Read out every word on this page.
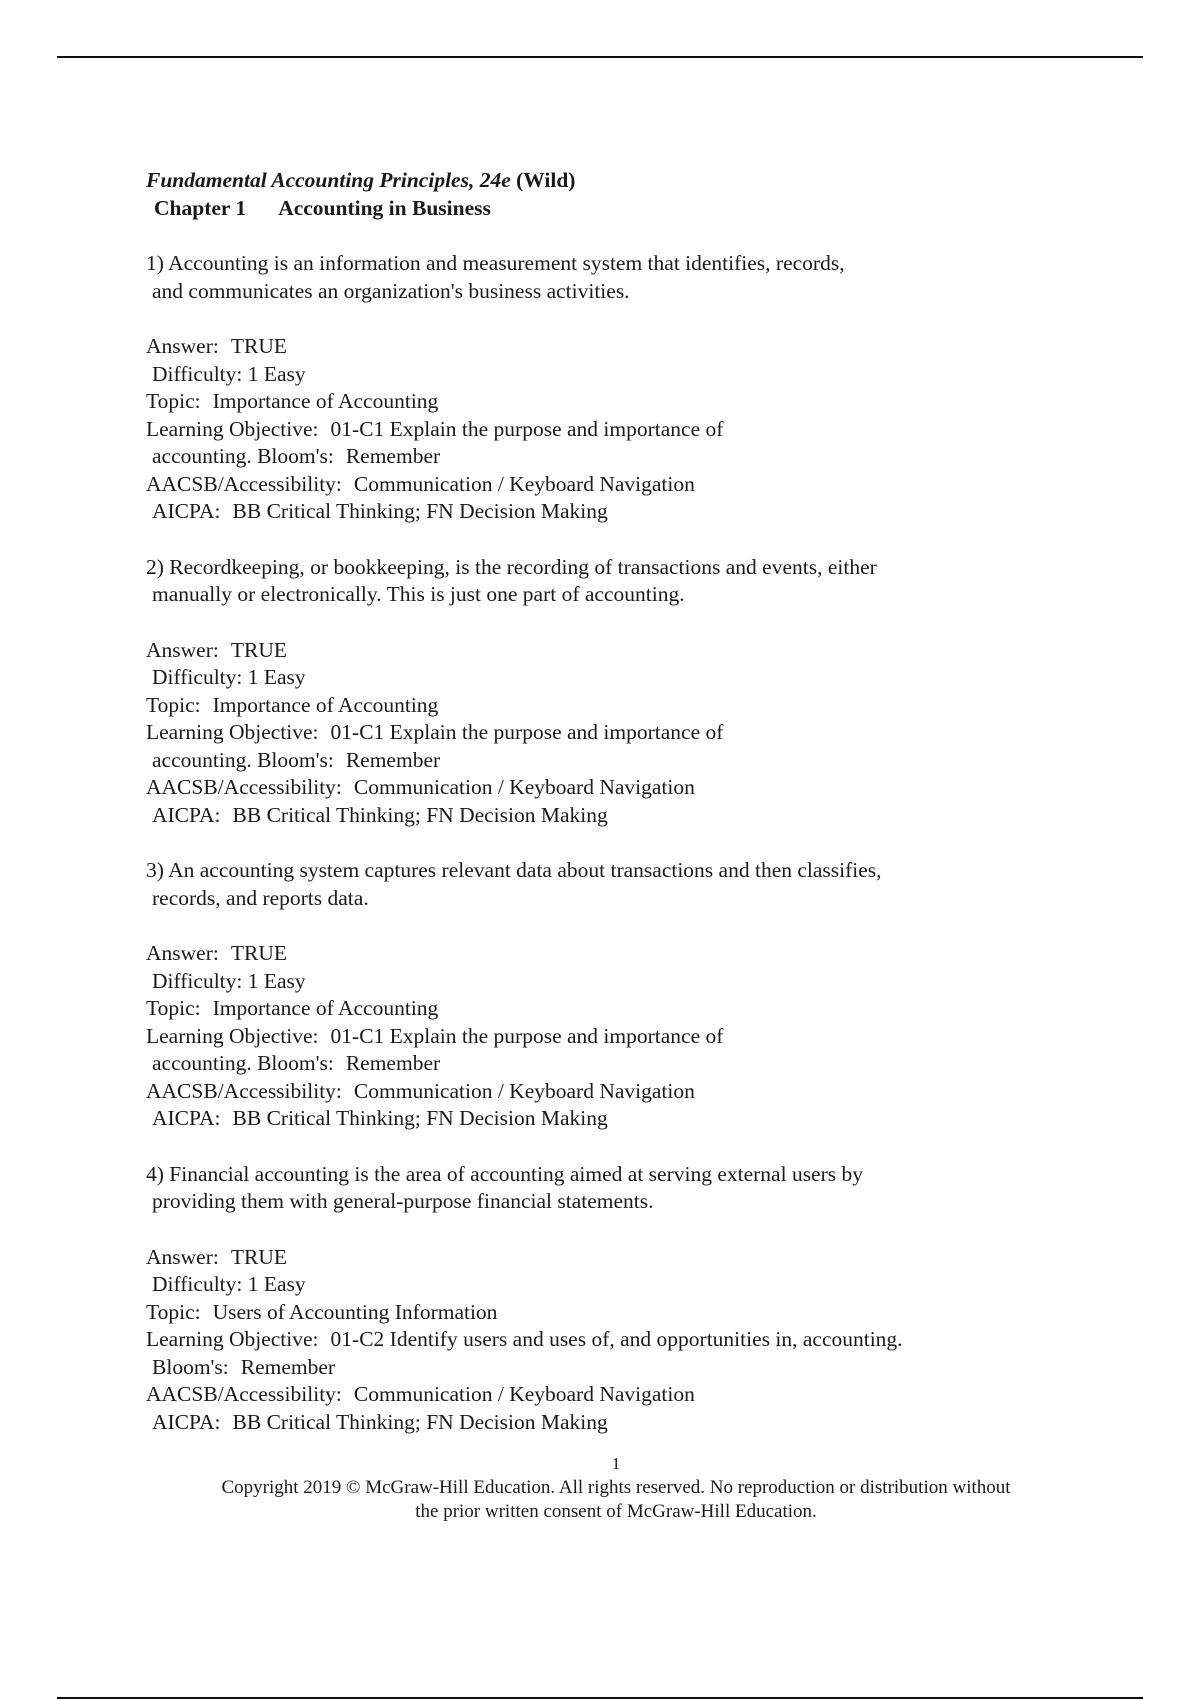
Fundamental Accounting Principles, 24e (Wild)
Chapter 1 Accounting in Business
1) Accounting is an information and measurement system that identifies, records,
and communicates an organization's business activities.
Answer: TRUE
Difficulty: 1 Easy
Topic: Importance of Accounting
Learning Objective: 01-C1 Explain the purpose and importance of
accounting. Bloom's: Remember
AACSB/Accessibility: Communication / Keyboard Navigation
AICPA: BB Critical Thinking; FN Decision Making
2) Recordkeeping, or bookkeeping, is the recording of transactions and events, either
manually or electronically. This is just one part of accounting.
Answer: TRUE
Difficulty: 1 Easy
Topic: Importance of Accounting
Learning Objective: 01-C1 Explain the purpose and importance of
accounting. Bloom's: Remember
AACSB/Accessibility: Communication / Keyboard Navigation
AICPA: BB Critical Thinking; FN Decision Making
3) An accounting system captures relevant data about transactions and then classifies,
records, and reports data.
Answer: TRUE
Difficulty: 1 Easy
Topic: Importance of Accounting
Learning Objective: 01-C1 Explain the purpose and importance of
accounting. Bloom's: Remember
AACSB/Accessibility: Communication / Keyboard Navigation
AICPA: BB Critical Thinking; FN Decision Making
4) Financial accounting is the area of accounting aimed at serving external users by
providing them with general-purpose financial statements.
Answer: TRUE
Difficulty: 1 Easy
Topic: Users of Accounting Information
Learning Objective: 01-C2 Identify users and uses of, and opportunities in, accounting.
Bloom's: Remember
AACSB/Accessibility: Communication / Keyboard Navigation
AICPA: BB Critical Thinking; FN Decision Making
1
Copyright 2019 © McGraw-Hill Education. All rights reserved. No reproduction or distribution without
the prior written consent of McGraw-Hill Education.
